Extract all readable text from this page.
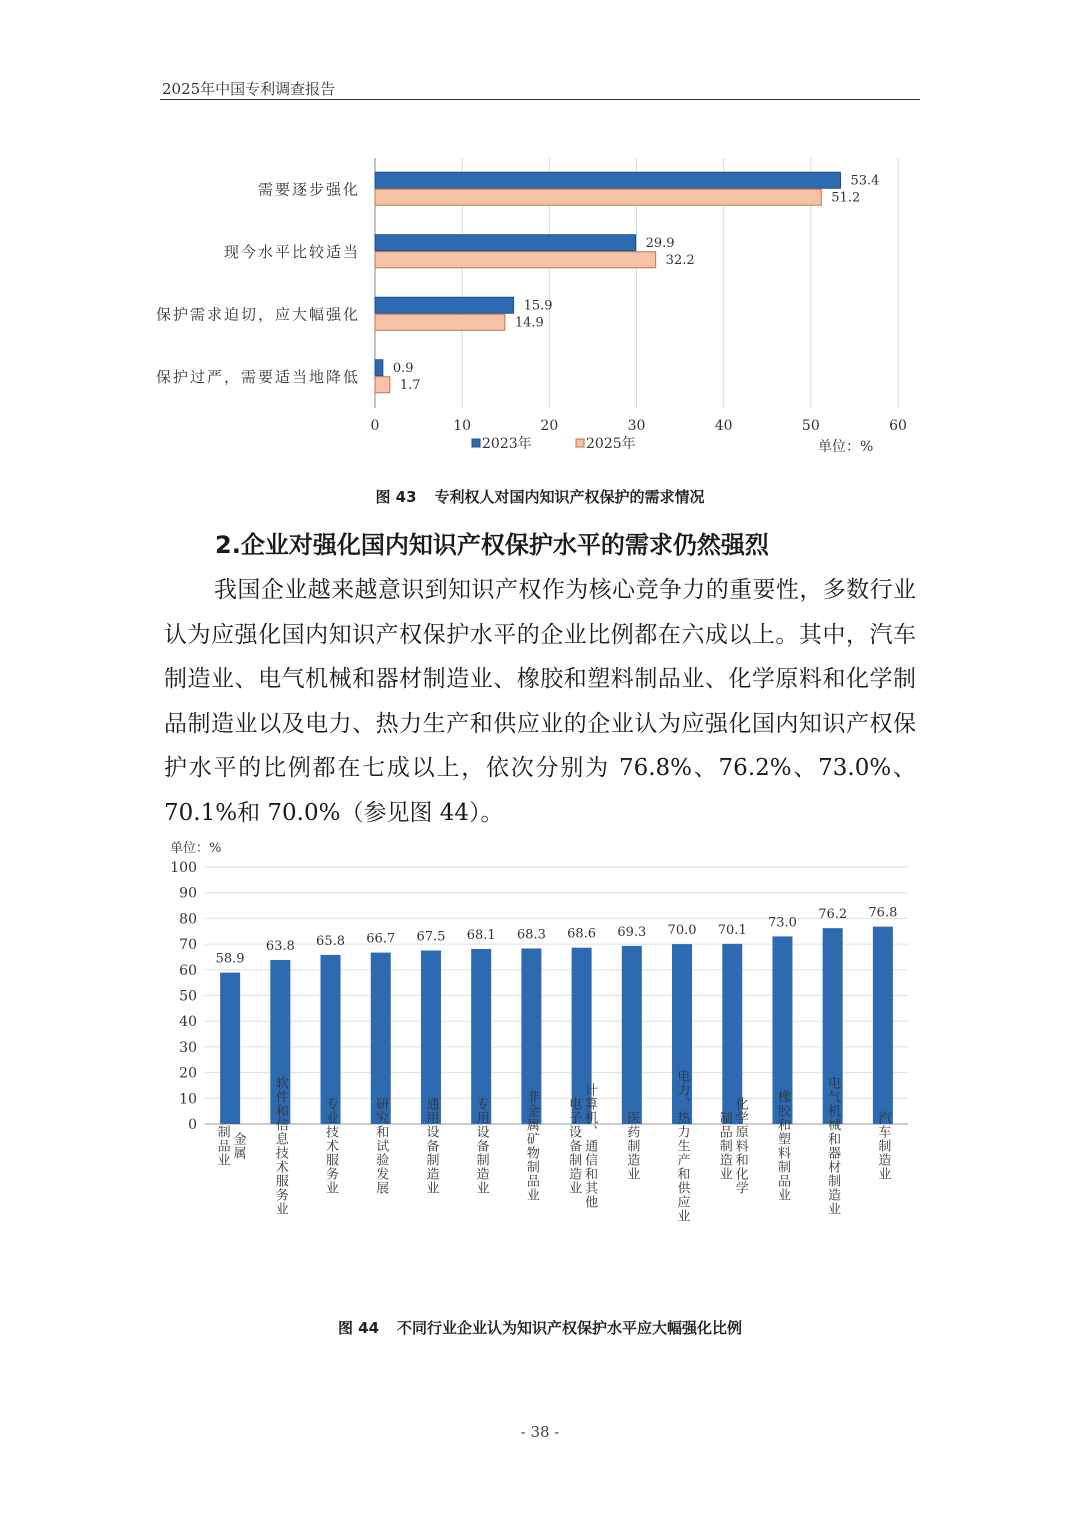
2025年中国专利调查报告
0	10	20	30	40	50	60
需要逐步强化	53.4
51.2
现今水平比较适当	29.9
32.2
保护需求迫切，应大幅强化	15.9
14.9
保护过严，需要适当地降低	0.9
1.7
2023年	2025年	单位：%
图 43 专利权人对国内知识产权保护的需求情况
2.企业对强化国内知识产权保护水平的需求仍然强烈
我国企业越来越意识到知识产权作为核心竞争力的重要性，多数行业认为应强化国内知识产权保护水平的企业比例都在六成以上。其中，汽车制造业、电气机械和器材制造业、橡胶和塑料制品业、化学原料和化学制品制造业以及电力、热力生产和供应业的企业认为应强化国内知识产权保护水平的比例都在七成以上，依次分别为 76.8%、76.2%、73.0%、70.1%和 70.0%（参见图 44）。
单位：%
0
10
20
30
40
50
60
70
80
90
100
58.9
金属
制品业
63.8
软件和信息技术服务业
65.8
专业技术服务业
66.7
研究和试验发展
67.5
通用设备制造业
68.1
专用设备制造业
68.3
非金属矿物制品业
68.6
计算机、通信和其他
电子设备制造业
69.3
医药制造业
70.0
电力、热力生产和供应业
70.1
化学原料和化学
制品制造业
73.0
橡胶和塑料制品业
76.2
电气机械和器材制造业
76.8
汽车制造业
图 44 不同行业企业认为知识产权保护水平应大幅强化比例
- 38 -
